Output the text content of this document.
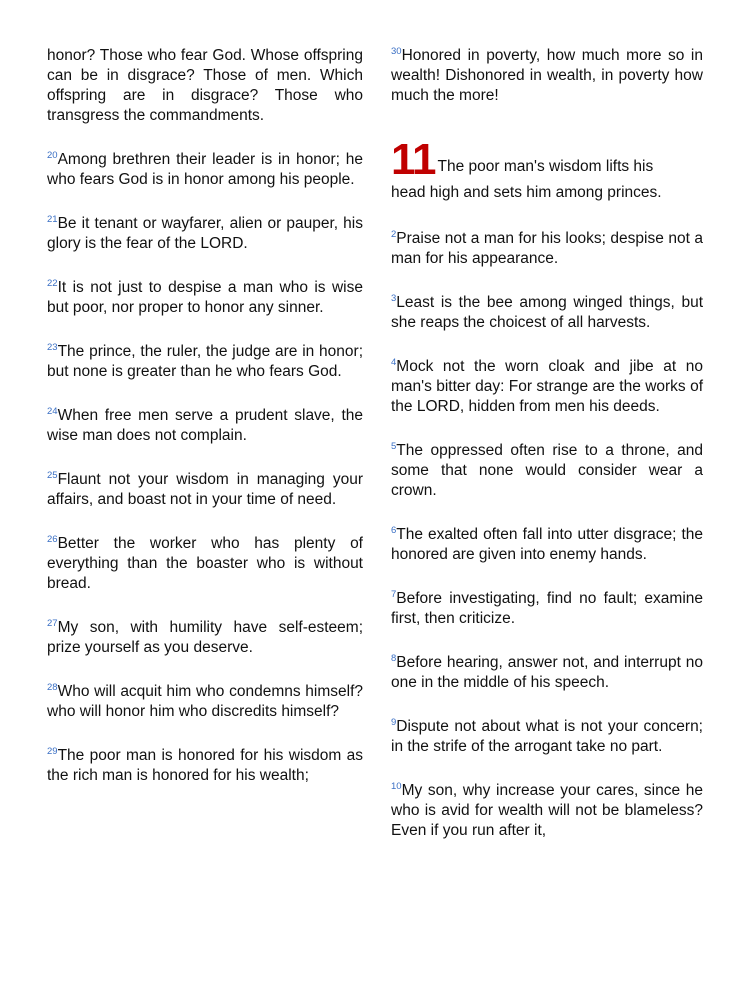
honor? Those who fear God. Whose offspring can be in disgrace? Those of men. Which offspring are in disgrace? Those who transgress the commandments.

$^{20}$Among brethren their leader is in honor; he who fears God is in honor among his people.

$^{21}$Be it tenant or wayfarer, alien or pauper, his glory is the fear of the LORD.

$^{22}$It is not just to despise a man who is wise but poor, nor proper to honor any sinner.

$^{23}$The prince, the ruler, the judge are in honor; but none is greater than he who fears God.

$^{24}$When free men serve a prudent slave, the wise man does not complain.

$^{25}$Flaunt not your wisdom in managing your affairs, and boast not in your time of need.

$^{26}$Better the worker who has plenty of everything than the boaster who is without bread.

$^{27}$My son, with humility have self-esteem; prize yourself as you deserve.

$^{28}$Who will acquit him who condemns himself? who will honor him who discredits himself?

$^{29}$The poor man is honored for his wisdom as the rich man is honored for his wealth;

$^{30}$Honored in poverty, how much more so in wealth! Dishonored in wealth, in poverty how much the more!

11 The poor man's wisdom lifts his
head high and sets him among princes.

$^2$Praise not a man for his looks; despise not a man for his appearance.

$^3$Least is the bee among winged things, but she reaps the choicest of all harvests.

$^4$Mock not the worn cloak and jibe at no man's bitter day: For strange are the works of the LORD, hidden from men his deeds.

$^5$The oppressed often rise to a throne, and some that none would consider wear a crown.

$^6$The exalted often fall into utter disgrace; the honored are given into enemy hands.

$^7$Before investigating, find no fault; examine first, then criticize.

$^8$Before hearing, answer not, and interrupt no one in the middle of his speech.

$^9$Dispute not about what is not your concern; in the strife of the arrogant take no part.

$^{10}$My son, why increase your cares, since he who is avid for wealth will not be blameless? Even if you run after it,
